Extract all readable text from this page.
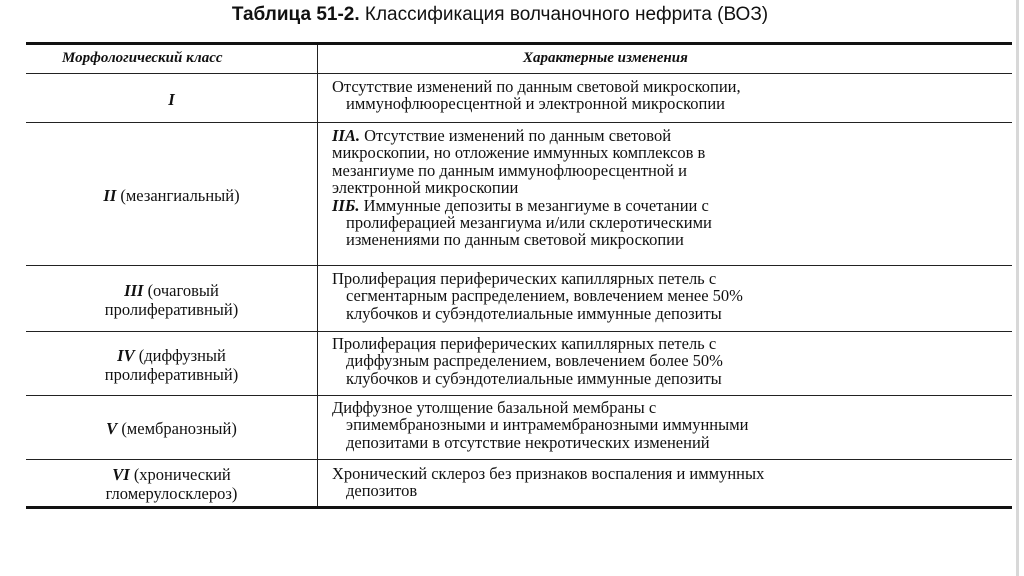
Таблица 51-2. Классификация волчаночного нефрита (ВОЗ)
Морфологический класс	Характерные изменения
I
Отсутствие изменений по данным световой микроскопии,
иммунофлюоресцентной и электронной микроскопии
II (мезангиальный)
IIA. Отсутствие изменений по данным световой
микроскопии, но отложение иммунных комплексов в
мезангиуме по данным иммунофлюоресцентной и
электронной микроскопии
IIБ. Иммунные депозиты в мезангиуме в сочетании с
пролиферацией мезангиума и/или склеротическими
изменениями по данным световой микроскопии
III (очаговый
пролиферативный)
Пролиферация периферических капиллярных петель с
сегментарным распределением, вовлечением менее 50%
клубочков и субэндотелиальные иммунные депозиты
IV (диффузный
пролиферативный)
Пролиферация периферических капиллярных петель с
диффузным распределением, вовлечением более 50%
клубочков и субэндотелиальные иммунные депозиты
V (мембранозный)
Диффузное утолщение базальной мембраны с
эпимембранозными и интрамембранозными иммунными
депозитами в отсутствие некротических изменений
VI (хронический
гломерулосклероз)
Хронический склероз без признаков воспаления и иммунных
депозитов
